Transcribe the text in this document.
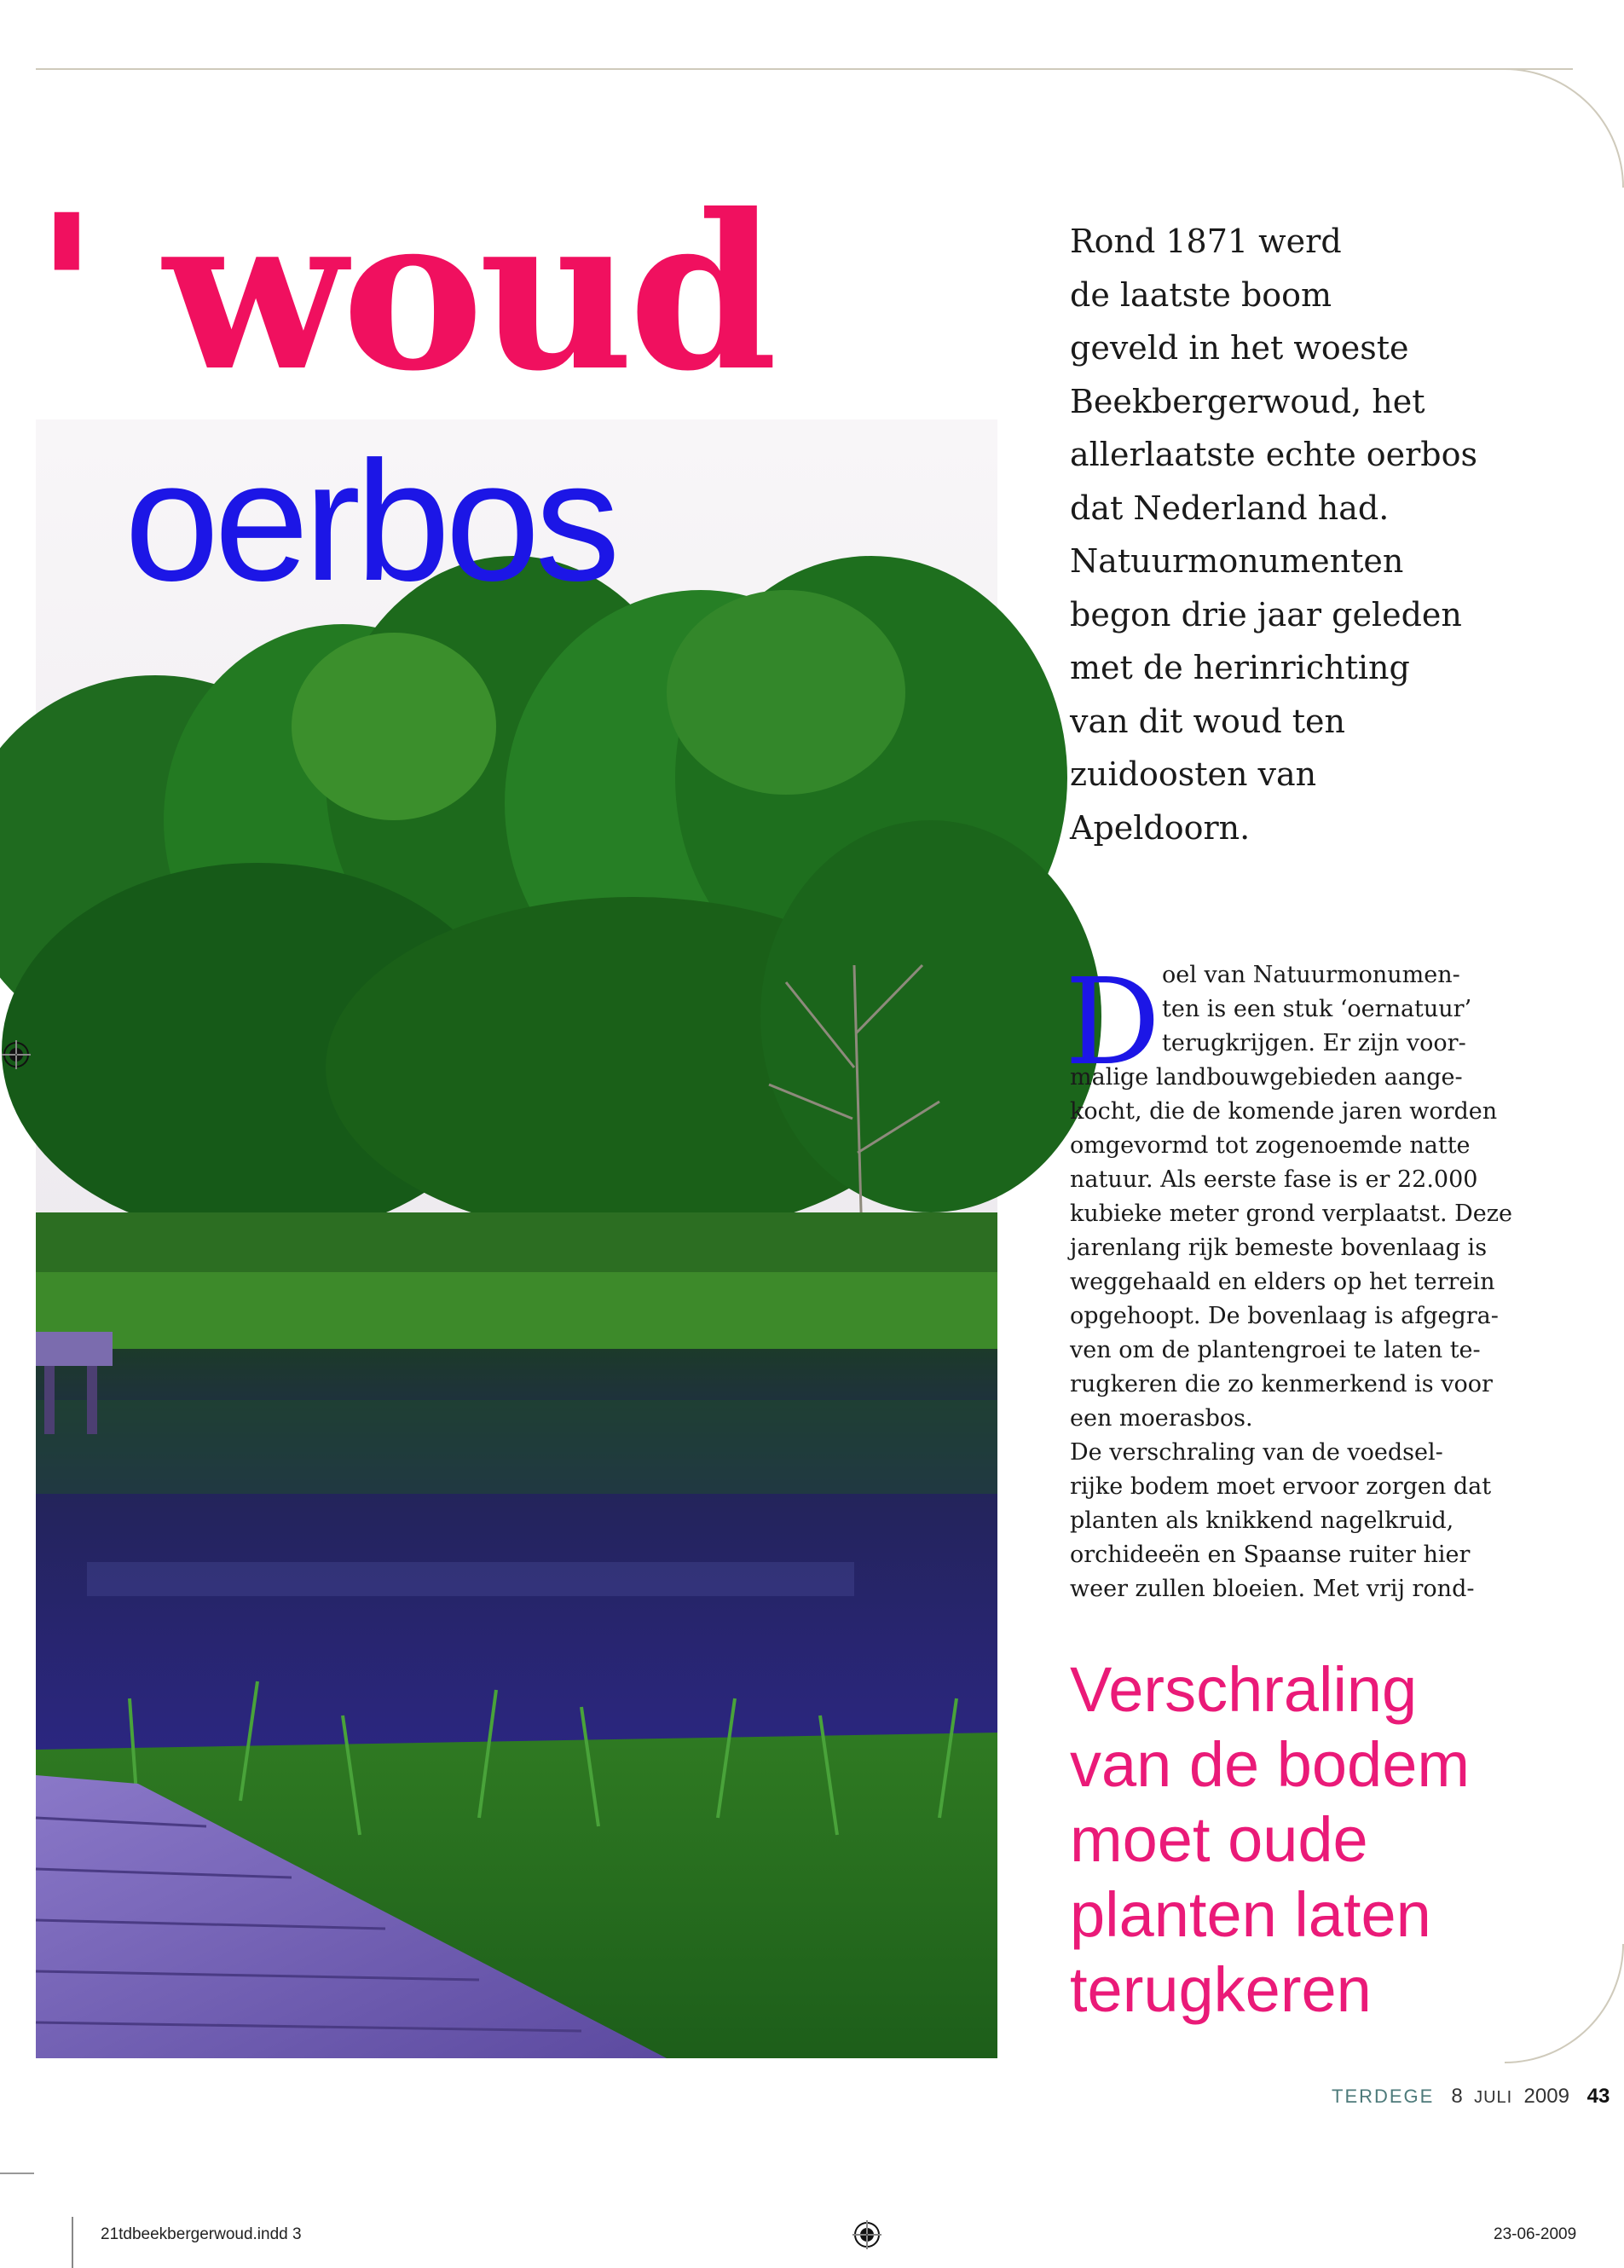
' woud
oerbos

Rond 1871 werd
de laatste boom
geveld in het woeste
Beekbergerwoud, het
allerlaatste echte oerbos
dat Nederland had.
Natuurmonumenten
begon drie jaar geleden
met de herinrichting
van dit woud ten
zuidoosten van
Apeldoorn.

D oel van Natuurmonumen-
ten is een stuk ‘oernatuur’
terugkrijgen. Er zijn voor-
malige landbouwgebieden aange-
kocht, die de komende jaren worden
omgevormd tot zogenoemde natte
natuur. Als eerste fase is er 22.000
kubieke meter grond verplaatst. Deze
jarenlang rijk bemeste bovenlaag is
weggehaald en elders op het terrein
opgehoopt. De bovenlaag is afgegra-
ven om de plantengroei te laten te-
rugkeren die zo kenmerkend is voor
een moerasbos.
De verschraling van de voedsel-
rijke bodem moet ervoor zorgen dat
planten als knikkend nagelkruid,
orchideeën en Spaanse ruiter hier
weer zullen bloeien. Met vrij rond-
Verschraling
van de bodem
moet oude
planten laten
terugkeren
TERDEGE 8 JULI 2009 43
21tdbeekbergerwoud.indd 3	23-06-2009
